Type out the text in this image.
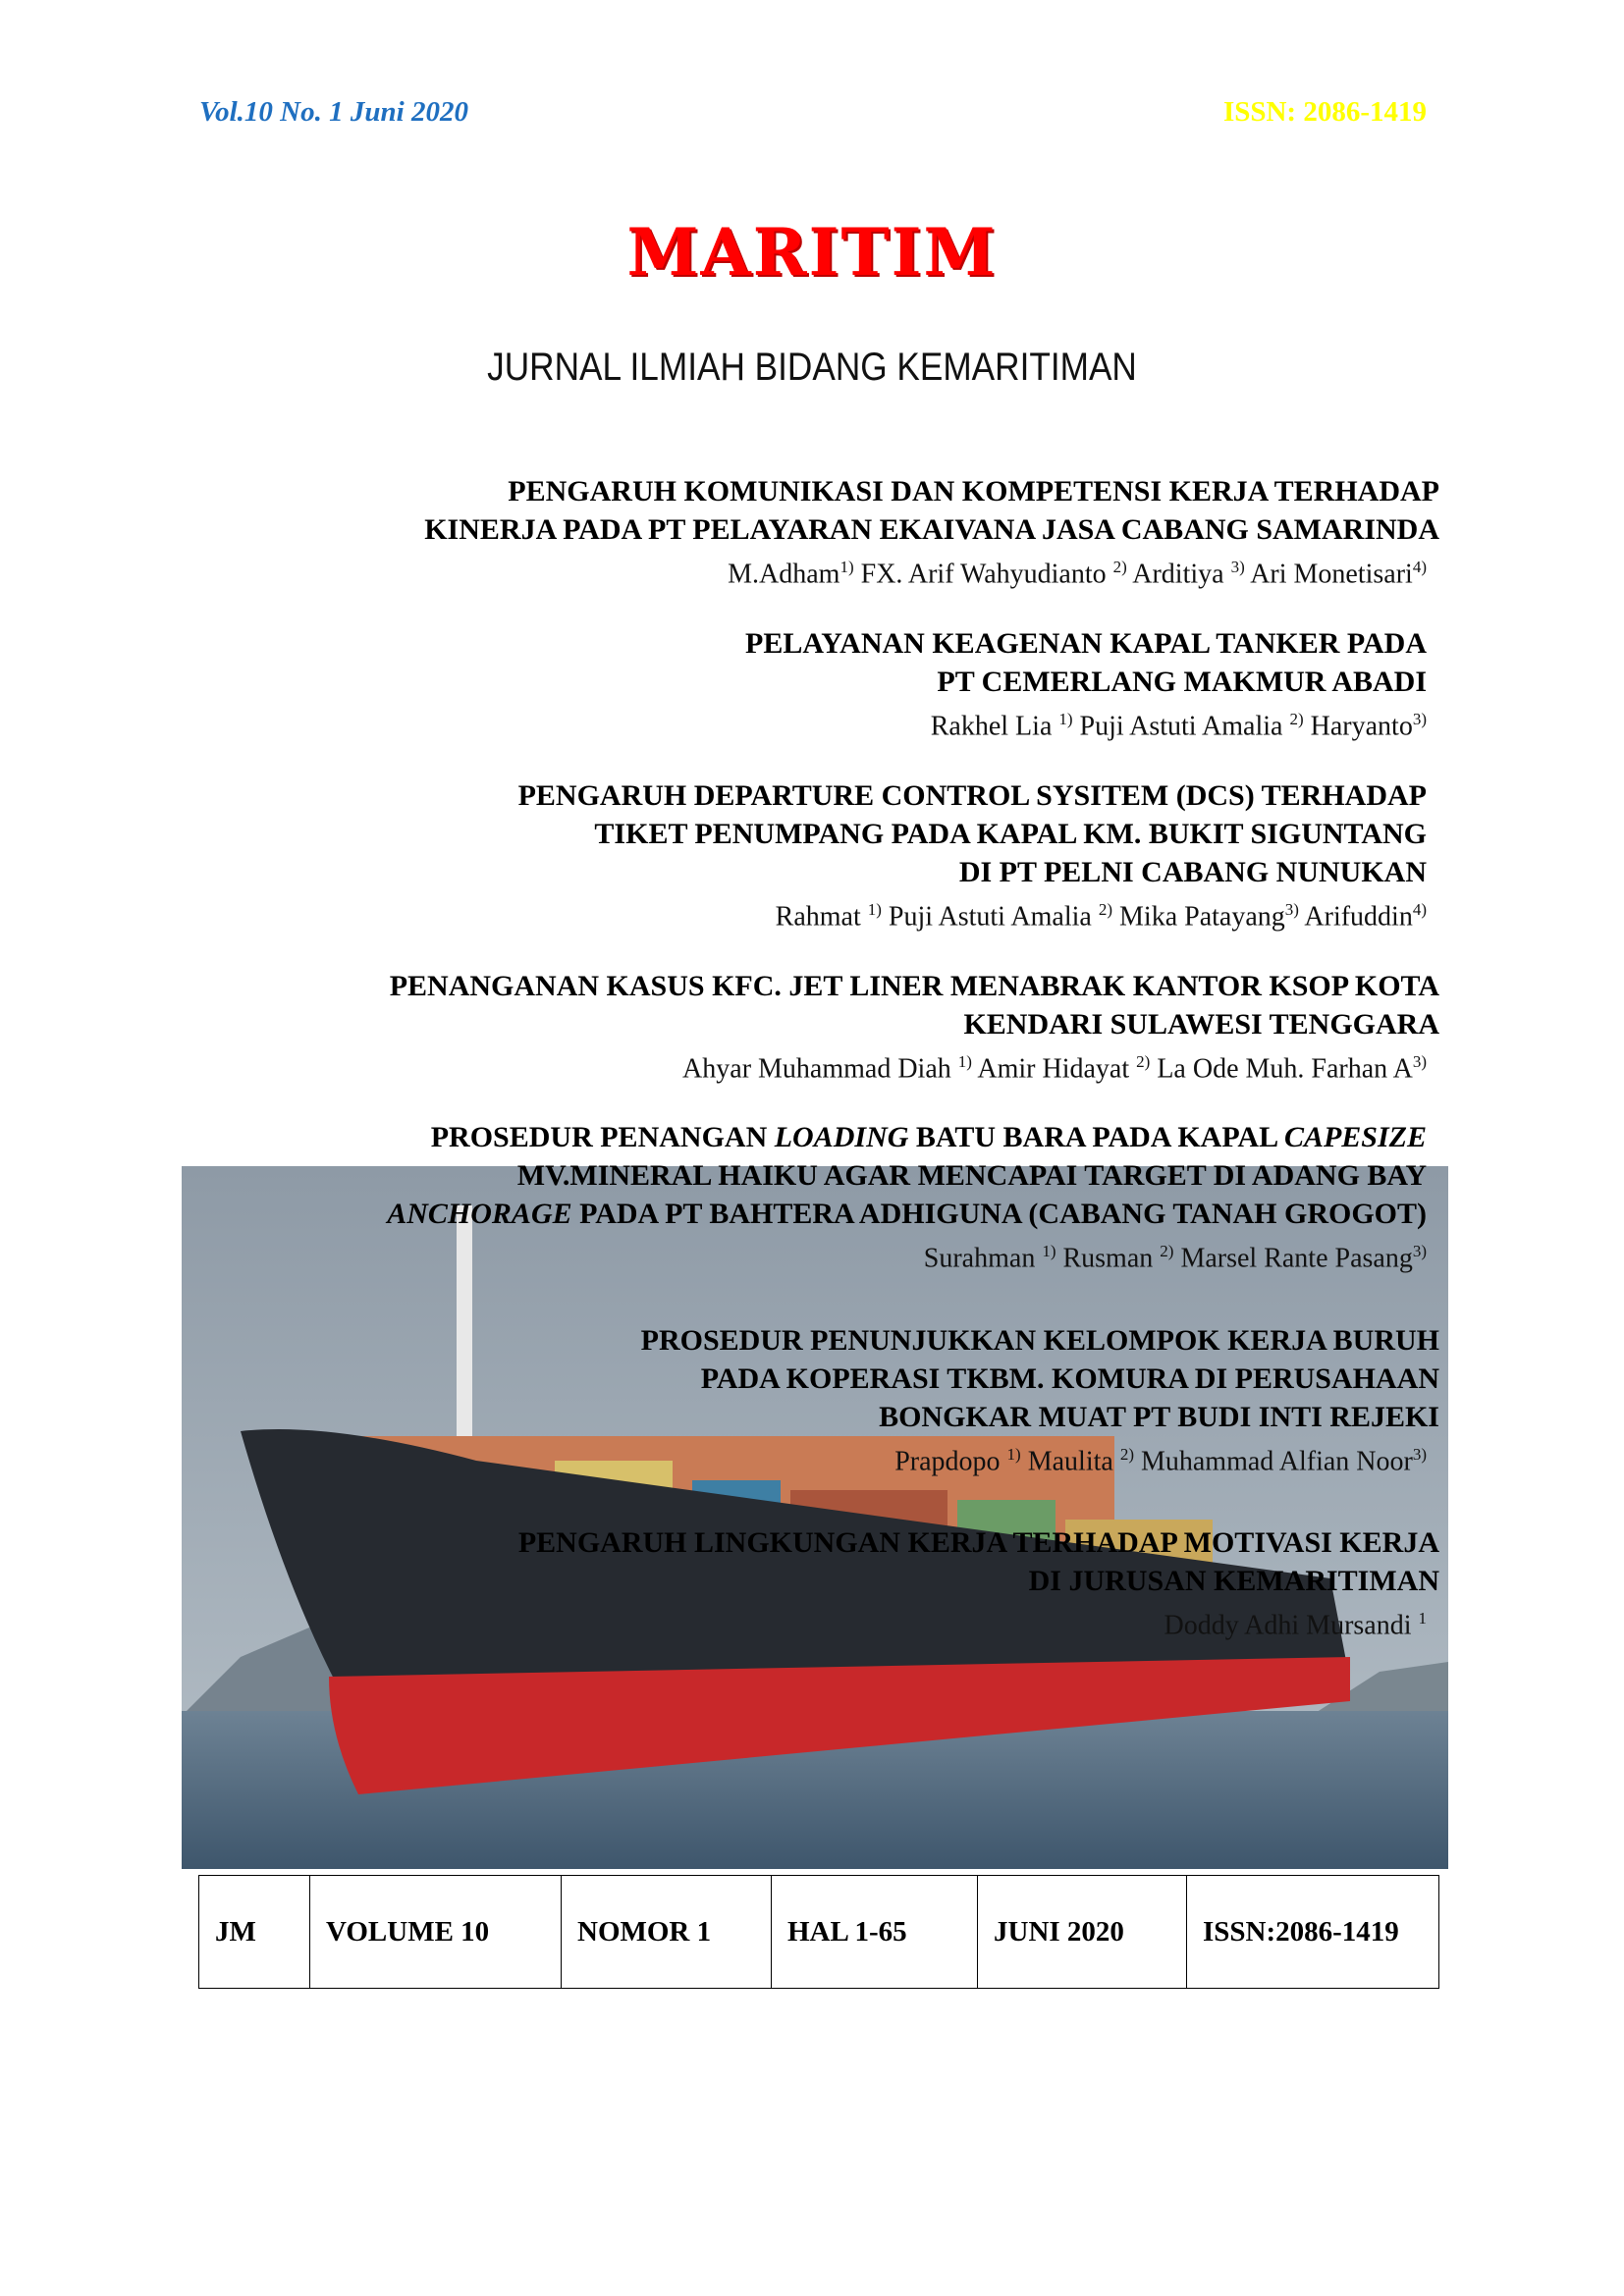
Vol.10 No. 1 Juni 2020	ISSN: 2086-1419
MARITIM
JURNAL ILMIAH BIDANG KEMARITIMAN
PENGARUH KOMUNIKASI DAN KOMPETENSI KERJA TERHADAP
KINERJA PADA PT PELAYARAN EKAIVANA JASA CABANG SAMARINDA
M.Adham$^{1)}$ FX. Arif Wahyudianto $^{2)}$ Arditiya $^{3)}$ Ari Monetisari$^{4)}$
PELAYANAN KEAGENAN KAPAL TANKER PADA
PT CEMERLANG MAKMUR ABADI
Rakhel Lia $^{1)}$ Puji Astuti Amalia $^{2)}$ Haryanto$^{3)}$
PENGARUH DEPARTURE CONTROL SYSITEM (DCS) TERHADAP
TIKET PENUMPANG PADA KAPAL KM. BUKIT SIGUNTANG
DI PT PELNI CABANG NUNUKAN
Rahmat $^{1)}$ Puji Astuti Amalia $^{2)}$ Mika Patayang$^{3)}$ Arifuddin$^{4)}$
PENANGANAN KASUS KFC. JET LINER MENABRAK KANTOR KSOP KOTA
KENDARI SULAWESI TENGGARA
Ahyar Muhammad Diah $^{1)}$ Amir Hidayat $^{2)}$ La Ode Muh. Farhan $A^{3)}$
PROSEDUR PENANGAN LOADING BATU BARA PADA KAPAL CAPESIZE
MV.MINERAL HAIKU AGAR MENCAPAI TARGET DI ADANG BAY
ANCHORAGE PADA PT BAHTERA ADHIGUNA (CABANG TANAH GROGOT)
Surahman $^{1)}$ Rusman $^{2)}$ Marsel Rante Pasang$^{3)}$
PROSEDUR PENUNJUKKAN KELOMPOK KERJA BURUH
PADA KOPERASI TKBM. KOMURA DI PERUSAHAAN
BONGKAR MUAT PT BUDI INTI REJEKI
Prapdopo $^{1)}$ Maulita $^{2)}$ Muhammad Alfian Noor$^{3)}$
PENGARUH LINGKUNGAN KERJA TERHADAP MOTIVASI KERJA
DI JURUSAN KEMARITIMAN
Doddy Adhi Mursandi $^1$
JM	VOLUME 10	NOMOR 1	HAL 1-65	JUNI 2020	ISSN:2086-1419
